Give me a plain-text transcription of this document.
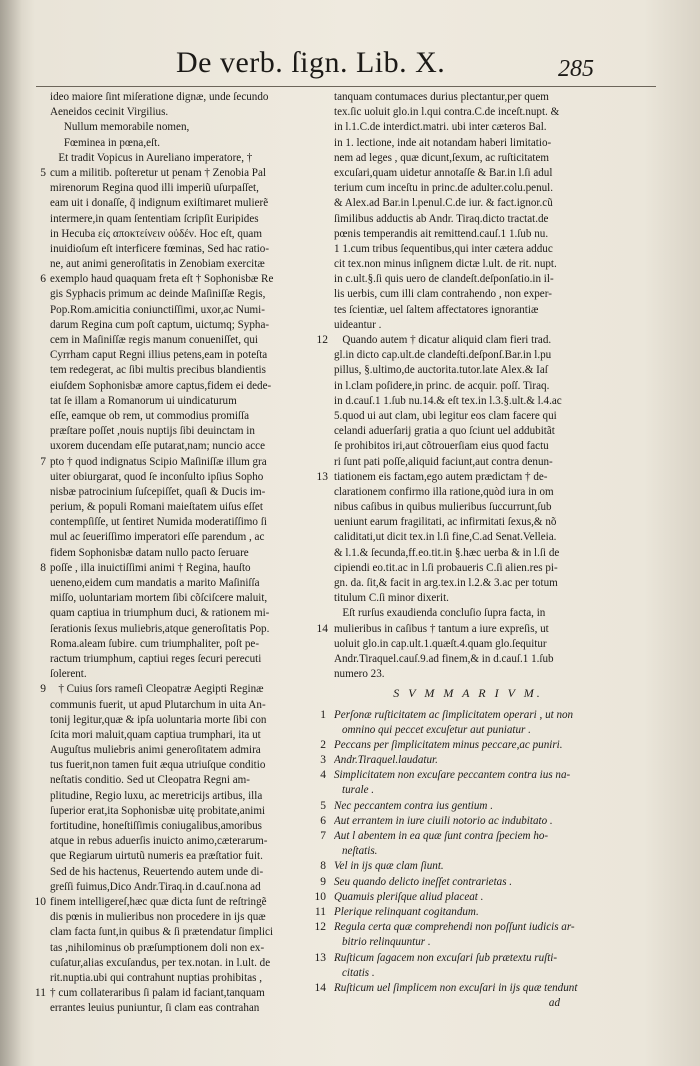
De verb. ſign. Lib. X.	285
ideo maiore ſint miſeratione dignæ, unde ſecundo
Aeneidos cecinit Virgilius.
Nullum memorabile nomen,
Fœminea in pœna,eſt.
Et tradit Vopicus in Aureliano imperatore, †
5 cum a militib. poſteretur ut penam † Zenobia Pal
mirenorum Regina quod illi imperiũ uſurpaſſet,
eam uit i donaſſe, q̃ indignum exiſtimaret mulierẽ
intermere,in quam ſententiam ſcripſit Euripides
in Hecuba εἰς αποκτείνειν οὐδέν. Hoc eſt, quam
inuidioſum eſt interficere fœminas, Sed hac ratio-
ne, aut animi generoſitatis in Zenobiam exercitæ
6 exemplo haud quaquam freta eſt † Sophonisbæ Re
gis Syphacis primum ac deinde Maſiniſſæ Regis,
Pop.Rom.amicitia coniunctiſſimi, uxor,ac Numi-
darum Regina cum poſt captum, uictumq; Sypha-
cem in Maſiniſſæ regis manum conueniſſet, qui
Cyrrham caput Regni illius petens,eam in poteſta
tem redegerat, ac ſibi multis precibus blandientis
eiuſdem Sophonisbæ amore captus,fidem ei dede-
tat ſe illam a Romanorum ui uindicaturum
eſſe, eamque ob rem, ut commodius promiſſa
præſtare poſſet ,nouis nuptijs ſibi deuinctam in
uxorem ducendam eſſe putarat,nam; nuncio acce
7 pto † quod indignatus Scipio Maſiniſſæ illum gra
uiter obiurgarat, quod ſe inconſulto ipſius Sopho
nisbæ patrocinium ſuſcepiſſet, quaſi & Ducis im-
perium, & populi Romani maieſtatem uiſus eſſet
contempſiſſe, ut ſentiret Numida moderatiſſimo ſi
mul ac ſeueriſſimo imperatori eſſe parendum , ac
fidem Sophonisbæ datam nullo pacto ſeruare
8 poſſe , illa inuictiſſimi animi † Regina, hauſto
ueneno,eidem cum mandatis a marito Maſiniſſa
miſſo, uoluntariam mortem ſibi cõſciſcere maluit,
quam captiua in triumphum duci, & rationem mi-
ſerationis ſexus muliebris,atque generoſitatis Pop.
Roma.aleam ſubire. cum triumphaliter, poſt pe-
ractum triumphum, captiui reges ſecuri perecuti
ſolerent.
9 † Cuius ſors rameſi Cleopatræ Aegipti Reginæ
communis fuerit, ut apud Plutarchum in uita An-
tonij legitur,quæ & ipſa uoluntaria morte ſibi con
ſcita mori maluit,quam captiua trumphari, ita ut
Auguſtus muliebris animi generoſitatem admira
tus fuerit,non tamen fuit æqua utriuſque conditio
neſtatis conditio. Sed ut Cleopatra Regni am-
plitudine, Regio luxu, ac meretricijs artibus, illa
ſuperior erat,ita Sophonisbæ uitę probitate,animi
fortitudine, honeſtiſſimis coniugalibus,amoribus
atque in rebus aduerſis inuicto animo,cæterarum-
que Regiarum uirtutũ numeris ea præſtatior fuit.
Sed de his hactenus, Reuertendo autem unde di-
greſſi fuimus,Dico Andr.Tiraq.in d.cauſ.nona ad
10 finem intelligereſ,hæc quæ dicta ſunt de reſtringẽ
dis pœnis in mulieribus non procedere in ijs quæ
clam facta ſunt,in quibus & ſi prætendatur ſimplici
tas ,nihilominus ob præſumptionem doli non ex-
cuſatur,alias excuſandus, per tex.notan. in l.ult. de
rit.nuptia.ubi qui contrahunt nuptias prohibitas ,
11 † cum collateraribus ſi palam id faciant,tanquam
errantes leuius puniuntur, ſi clam eas contrahan
tanquam contumaces durius plectantur,per quem
tex.ſic uoluit glo.in l.qui contra.C.de inceſt.nupt. &
in l.1.C.de interdict.matri. ubi inter cæteros Bal.
in 1. lectione, inde ait notandam haberi limitatio-
nem ad leges , quæ dicunt,ſexum, ac ruſticitatem
excuſari,quam uidetur annotaſſe & Bar.in l.ſi adul
terium cum inceſtu in princ.de adulter.colu.penul.
& Alex.ad Bar.in l.penul.C.de iur. & fact.ignor.cũ
ſimilibus adductis ab Andr. Tiraq.dicto tractat.de
pœnis temperandis ait remittend.cauſ.1 1.ſub nu.
1 1.cum tribus ſequentibus,qui inter cætera adduc
cit tex.non minus inſignem dictæ l.ult. de rit. nupt.
in c.ult.§.ſi quis uero de clandeſt.deſponſatio.in il-
lis uerbis, cum illi clam contrahendo , non exper-
tes ſcientiæ, uel ſaltem affectatores ignorantiæ
uideantur .
12 Quando autem † dicatur aliquid clam fieri trad.
gl.in dicto cap.ult.de clandeſti.deſponſ.Bar.in l.pu
pillus, §.ultimo,de auctorita.tutor.late Alex.& Iaſ
in l.clam poſidere,in princ. de acquir. poſſ. Tiraq.
in d.cauſ.1 1.ſub nu.14.& eſt tex.in l.3.§.ult.& l.4.ac
5.quod ui aut clam, ubi legitur eos clam facere qui
celandi aduerſarij gratia a quo ſciunt uel addubitãt
ſe prohibitos iri,aut cõtrouerſiam eius quod factu
ri ſunt pati poſſe,aliquid faciunt,aut contra denun-
13 tiationem eis factam,ego autem prædictam † de-
clarationem confirmo illa ratione,quòd iura in om
nibus caſibus in quibus mulieribus ſuccurrunt,ſub
ueniunt earum fragilitati, ac infirmitati ſexus,& nõ
caliditati,ut dicit tex.in l.ſi fine,C.ad Senat.Velleia.
& l.1.& ſecunda,ff.eo.tit.in §.hæc uerba & in l.ſi de
cipiendi eo.tit.ac in l.ſi probaueris C.ſi alien.res pi-
gn. da. ſit,& facit in arg.tex.in l.2.& 3.ac per totum
titulum C.ſi minor dixerit.
Eſt rurſus exaudienda concluſio ſupra facta, in
14 mulieribus in caſibus † tantum a iure expreſis, ut
uoluit glo.in cap.ult.1.quæſt.4.quam glo.ſequitur
Andr.Tiraquel.cauſ.9.ad finem,& in d.cauſ.1 1.ſub
numero 23.
S V M M A R I V M.
1 Perſonæ ruſticitatem ac ſimplicitatem operari , ut non
omnino qui peccet excuſetur aut puniatur .
2 Peccans per ſimplicitatem minus peccare,ac puniri.
3 Andr.Tiraquel.laudatur.
4 Simplicitatem non excuſare peccantem contra ius na-
turale .
5 Nec peccantem contra ius gentium .
6 Aut errantem in iure ciuili notorio ac indubitato .
7 Aut l abentem in ea quæ ſunt contra ſpeciem ho-
neſtatis.
8 Vel in ijs quæ clam ſiunt.
9 Seu quando delicto ineſſet contrarietas .
10 Quamuis pleriſque aliud placeat .
11 Plerique relinquant cogitandum.
12 Regula certa quæ comprehendi non poſſunt iudicis ar-
bitrio relinquuntur .
13 Ruſticum ſagacem non excuſari ſub prætextu ruſti-
citatis .
14 Ruſticum uel ſimplicem non excuſari in ijs quæ tendunt
ad
